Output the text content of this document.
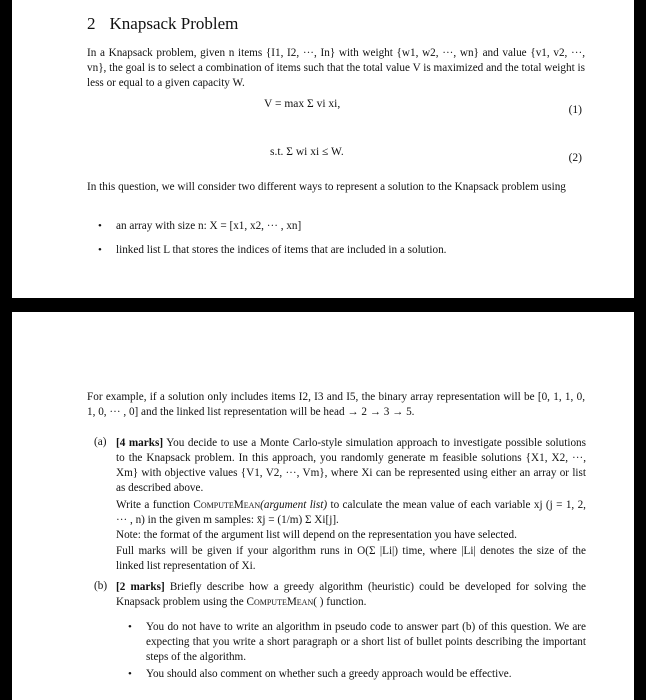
2 Knapsack Problem

In a Knapsack problem, given n items {I1, I2, ···, In} with weight {w1, w2, ···, wn} and value {v1, v2, ···, vn}, the goal is to select a combination of items such that the total value V is maximized and the total weight is less or equal to a given capacity W.

V = max Σ vi xi,	(1)
s.t. Σ wi xi ≤ W.	(2)

In this question, we will consider two different ways to represent a solution to the Knapsack problem using

• an array with size n: X = [x1, x2, ··· , xn]
• linked list L that stores the indices of items that are included in a solution.

For example, if a solution only includes items I2, I3 and I5, the binary array representation will be [0, 1, 1, 0, 1, 0, ··· , 0] and the linked list representation will be head → 2 → 3 → 5.

(a) [4 marks] You decide to use a Monte Carlo-style simulation approach to investigate possible solutions to the Knapsack problem. In this approach, you randomly generate m feasible solutions {X1, X2, ···, Xm} with objective values {V1, V2, ···, Vm}, where Xi can be represented using either an array or list as described above.

Write a function ComputeMean(argument list) to calculate the mean value of each variable xj (j = 1, 2, ··· , n) in the given m samples: x̄j = (1/m) Σ Xi[j].

Note: the format of the argument list will depend on the representation you have selected.

Full marks will be given if your algorithm runs in O(Σ |Li|) time, where |Li| denotes the size of the linked list representation of Xi.

(b) [2 marks] Briefly describe how a greedy algorithm (heuristic) could be developed for solving the Knapsack problem using the ComputeMean( ) function.

• You do not have to write an algorithm in pseudo code to answer part (b) of this question. We are expecting that you write a short paragraph or a short list of bullet points describing the important steps of the algorithm.
• You should also comment on whether such a greedy approach would be effective.
